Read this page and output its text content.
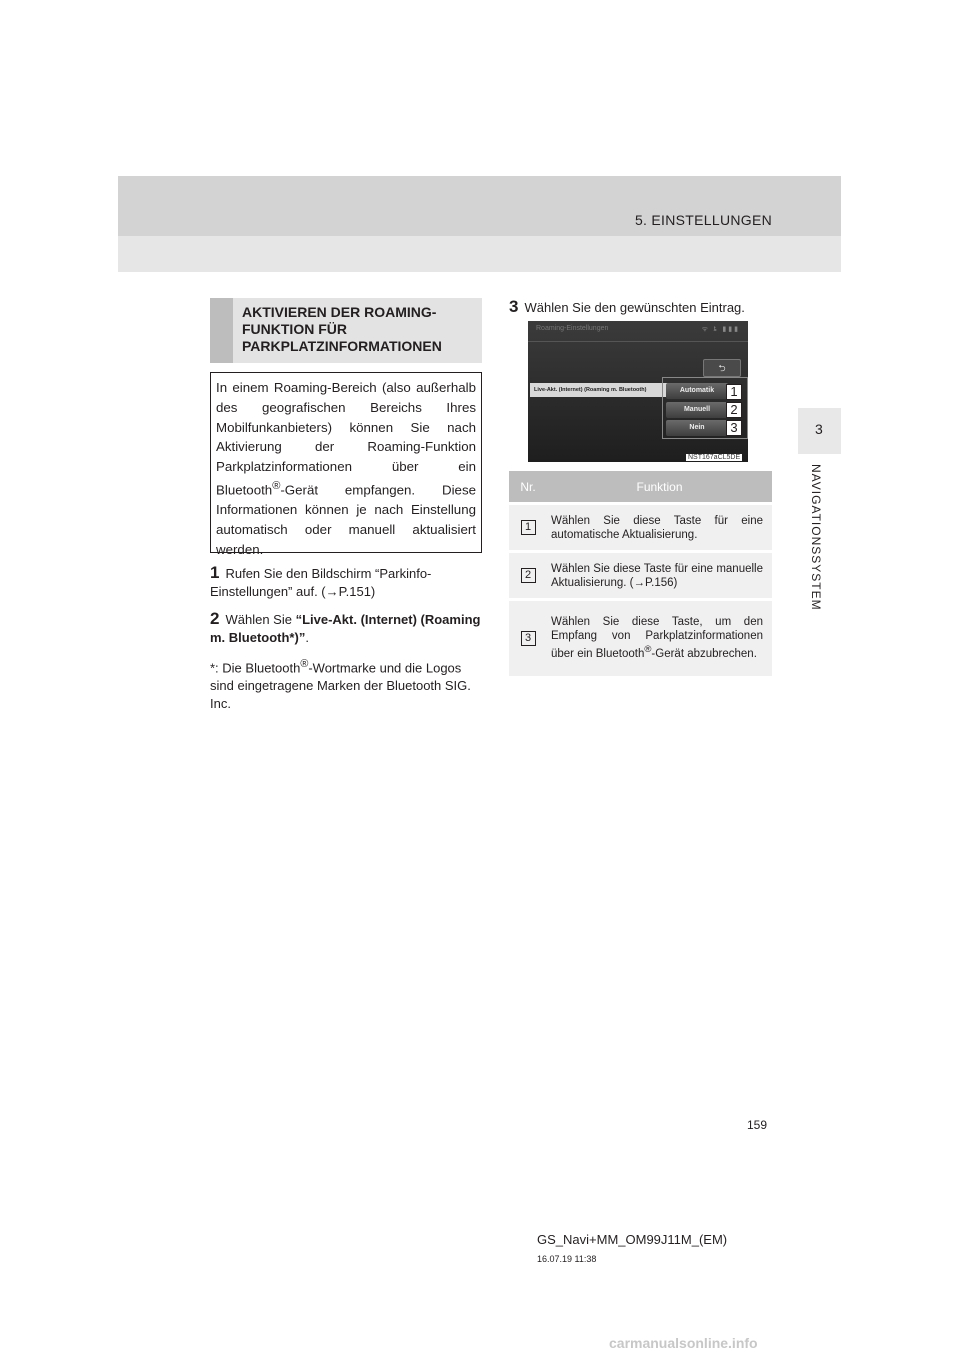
5. EINSTELLUNGEN
3
NAVIGATIONSSYSTEM
AKTIVIEREN DER ROAMING-FUNKTION FÜR PARKPLATZINFORMATIONEN

In einem Roaming-Bereich (also außerhalb des geografischen Bereichs Ihres Mobilfunkanbieters) können Sie nach Aktivierung der Roaming-Funktion Parkplatzinformationen über ein Bluetooth®-Gerät empfangen. Diese Informationen können je nach Einstellung automatisch oder manuell aktualisiert werden.

1 Rufen Sie den Bildschirm “Parkinfo-Einstellungen” auf. (→P.151)
2 Wählen Sie “Live-Akt. (Internet) (Roaming m. Bluetooth*)”.
*: Die Bluetooth®-Wortmarke und die Logos sind eingetragene Marken der Bluetooth SIG. Inc.
3 Wählen Sie den gewünschten Eintrag.
Roaming-Einstellungen	ᯤ ȶ ▮▮▮
⮌
Live-Akt. (Internet) (Roaming m. Bluetooth)	Automatik
Manuell
Nein
1
2
3
NST167aCL5DE
Nr.	Funktion
1	Wählen Sie diese Taste für eine automatische Aktualisierung.
2	Wählen Sie diese Taste für eine manuelle Aktualisierung. (→P.156)
3	Wählen Sie diese Taste, um den Empfang von Parkplatzinformationen über ein Bluetooth®-Gerät abzubrechen.
159
GS_Navi+MM_OM99J11M_(EM)
16.07.19 11:38
carmanualsonline.info
